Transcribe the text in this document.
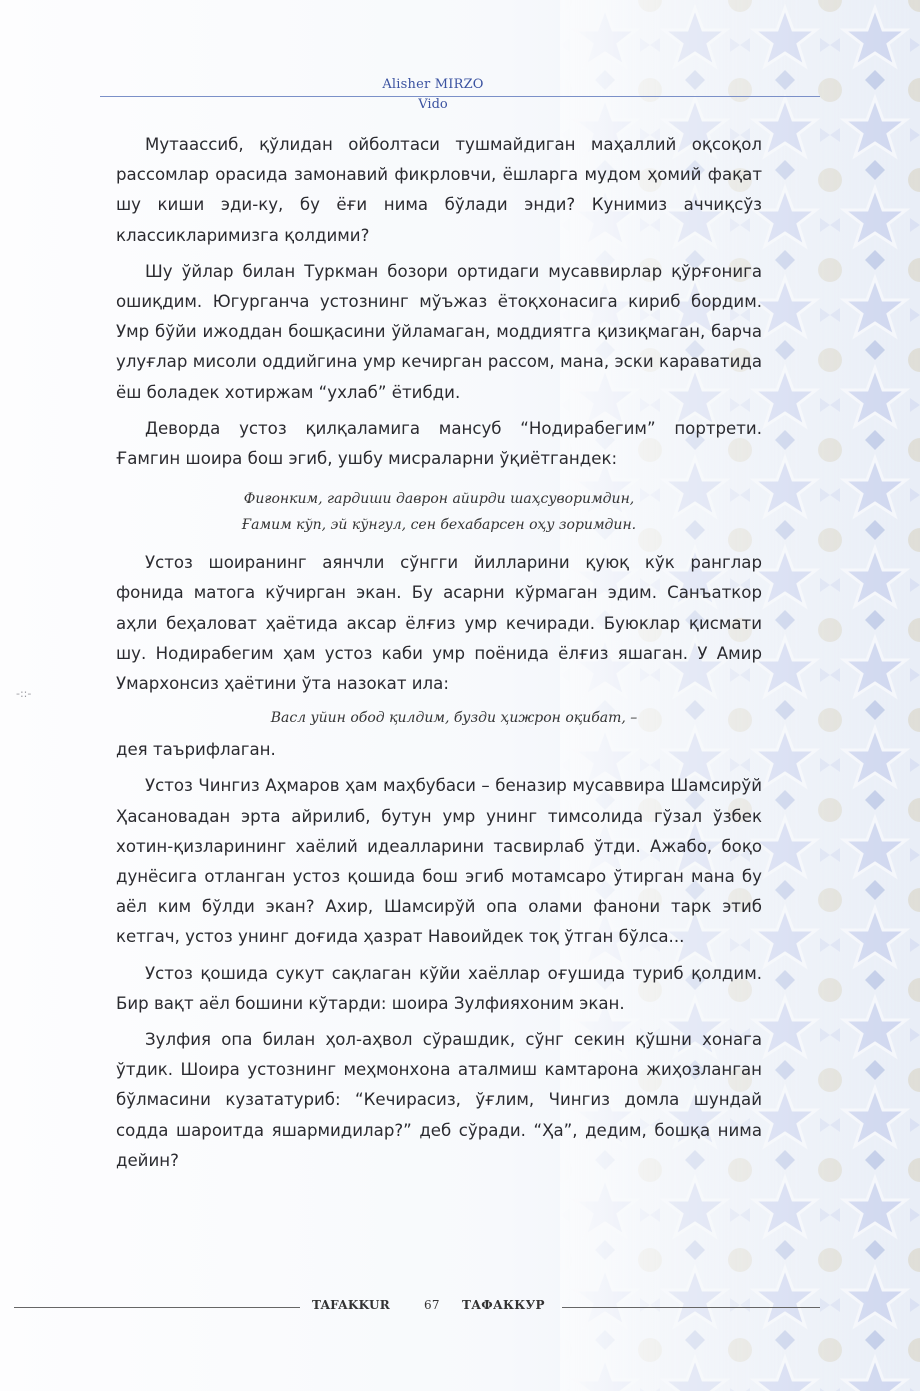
Alisher MIRZO
Vido

Мутаассиб, қўлидан ойболтаси тушмайдиган маҳаллий оқсоқол рассомлар орасида замонавий фикрловчи, ёшларга мудом ҳомий фақат шу киши эди-ку, бу ёғи нима бўлади энди? Кунимиз аччиқсўз классикларимизга қолдими?

Шу ўйлар билан Туркман бозори ортидаги мусаввирлар қўрғонига ошиқдим. Югурганча устознинг мўъжаз ётоқхонасига кириб бордим. Умр бўйи ижоддан бошқасини ўйламаган, моддиятга қизиқмаган, барча улуғлар мисоли оддийгина умр кечирган рассом, мана, эски караватида ёш боладек хотиржам “ухлаб” ётибди.

Деворда устоз қилқаламига мансуб “Нодирабегим” портрети. Ғамгин шоира бош эгиб, ушбу мисраларни ўқиётгандек:

Фиғонким, гардиши даврон айирди шаҳсуворимдин,
Ғамим кўп, эй кўнгул, сен бехабарсен оҳу зоримдин.

Устоз шоиранинг аянчли сўнгги йилларини қуюқ кўк ранглар фонида матога кўчирган экан. Бу асарни кўрмаган эдим. Санъаткор аҳли беҳаловат ҳаётида аксар ёлғиз умр кечиради. Буюклар қисмати шу. Нодирабегим ҳам устоз каби умр поёнида ёлғиз яшаган. У Амир Умархонсиз ҳаётини ўта назокат ила:

Васл уйин обод қилдим, бузди ҳижрон оқибат, –

дея таърифлаган.

Устоз Чингиз Аҳмаров ҳам маҳбубаси – беназир мусаввира Шамсирўй Ҳасановадан эрта айрилиб, бутун умр унинг тимсолида гўзал ўзбек хотин-қизларининг хаёлий идеалларини тасвирлаб ўтди. Ажабо, боқо дунёсига отланган устоз қошида бош эгиб мотамсаро ўтирган мана бу аёл ким бўлди экан? Ахир, Шамсирўй опа олами фанони тарк этиб кетгач, устоз унинг доғида ҳазрат Навоийдек тоқ ўтган бўлса...

Устоз қошида сукут сақлаган кўйи хаёллар оғушида туриб қолдим. Бир вақт аёл бошини кўтарди: шоира Зулфияхоним экан.

Зулфия опа билан ҳол-аҳвол сўрашдик, сўнг секин қўшни хонага ўтдик. Шоира устознинг меҳмонхона аталмиш камтарона жиҳозланган бўлмасини кузататуриб: “Кечирасиз, ўғлим, Чингиз домла шундай содда шароитда яшармидилар?” деб сўради. “Ҳа”, дедим, бошқа нима дейин?

-::-
TAFAKKUR	67 ТАФАККУР
